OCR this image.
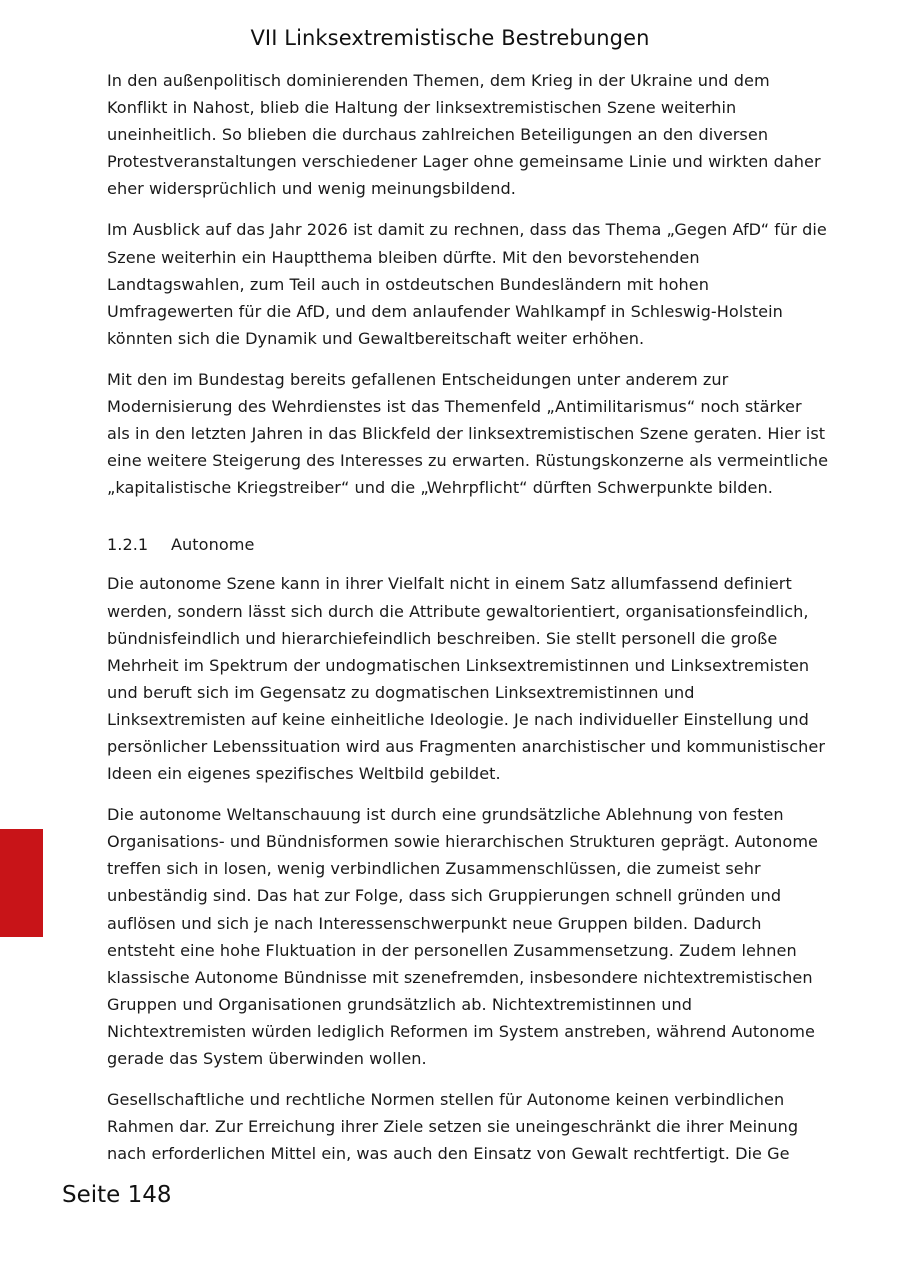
VII Linksextremistische Bestrebungen

In den außenpolitisch dominierenden Themen, dem Krieg in der Ukraine und dem Konflikt in Nahost, blieb die Haltung der linksextremistischen Szene weiterhin uneinheitlich. So blieben die durchaus zahlreichen Beteiligungen an den diversen Protestveranstaltungen verschiedener Lager ohne gemeinsame Linie und wirkten daher eher widersprüchlich und wenig meinungsbildend.

Im Ausblick auf das Jahr 2026 ist damit zu rechnen, dass das Thema „Gegen AfD“ für die Szene weiterhin ein Hauptthema bleiben dürfte. Mit den bevorstehenden Landtagswahlen, zum Teil auch in ostdeutschen Bundesländern mit hohen Umfragewerten für die AfD, und dem anlaufender Wahlkampf in Schleswig-Holstein könnten sich die Dynamik und Gewaltbereitschaft weiter erhöhen.

Mit den im Bundestag bereits gefallenen Entscheidungen unter anderem zur Modernisierung des Wehrdienstes ist das Themenfeld „Antimilitarismus“ noch stärker als in den letzten Jahren in das Blickfeld der linksextremistischen Szene geraten. Hier ist eine weitere Steigerung des Interesses zu erwarten. Rüstungskonzerne als vermeintliche „kapitalistische Kriegstreiber“ und die „Wehrpflicht“ dürften Schwerpunkte bilden.

1.2.1	Autonome

Die autonome Szene kann in ihrer Vielfalt nicht in einem Satz allumfassend definiert werden, sondern lässt sich durch die Attribute gewaltorientiert, organisationsfeindlich, bündnisfeindlich und hierarchiefeindlich beschreiben. Sie stellt personell die große Mehrheit im Spektrum der undogmatischen Linksextremistinnen und Linksextremisten und beruft sich im Gegensatz zu dogmatischen Linksextremistinnen und Linksextremisten auf keine einheitliche Ideologie. Je nach individueller Einstellung und persönlicher Lebenssituation wird aus Fragmenten anarchistischer und kommunistischer Ideen ein eigenes spezifisches Weltbild gebildet.

Die autonome Weltanschauung ist durch eine grundsätzliche Ablehnung von festen Organisations- und Bündnisformen sowie hierarchischen Strukturen geprägt. Autonome treffen sich in losen, wenig verbindlichen Zusammenschlüssen, die zumeist sehr unbeständig sind. Das hat zur Folge, dass sich Gruppierungen schnell gründen und auflösen und sich je nach Interessenschwerpunkt neue Gruppen bilden. Dadurch entsteht eine hohe Fluktuation in der personellen Zusammensetzung. Zudem lehnen klassische Autonome Bündnisse mit szenefremden, insbesondere nichtextremistischen Gruppen und Organisationen grundsätzlich ab. Nichtextremistinnen und Nichtextremisten würden lediglich Reformen im System anstreben, während Autonome gerade das System überwinden wollen.

Gesellschaftliche und rechtliche Normen stellen für Autonome keinen verbindlichen Rahmen dar. Zur Erreichung ihrer Ziele setzen sie uneingeschränkt die ihrer Meinung nach erforderlichen Mittel ein, was auch den Einsatz von Gewalt rechtfertigt. Die Ge

Seite 148
